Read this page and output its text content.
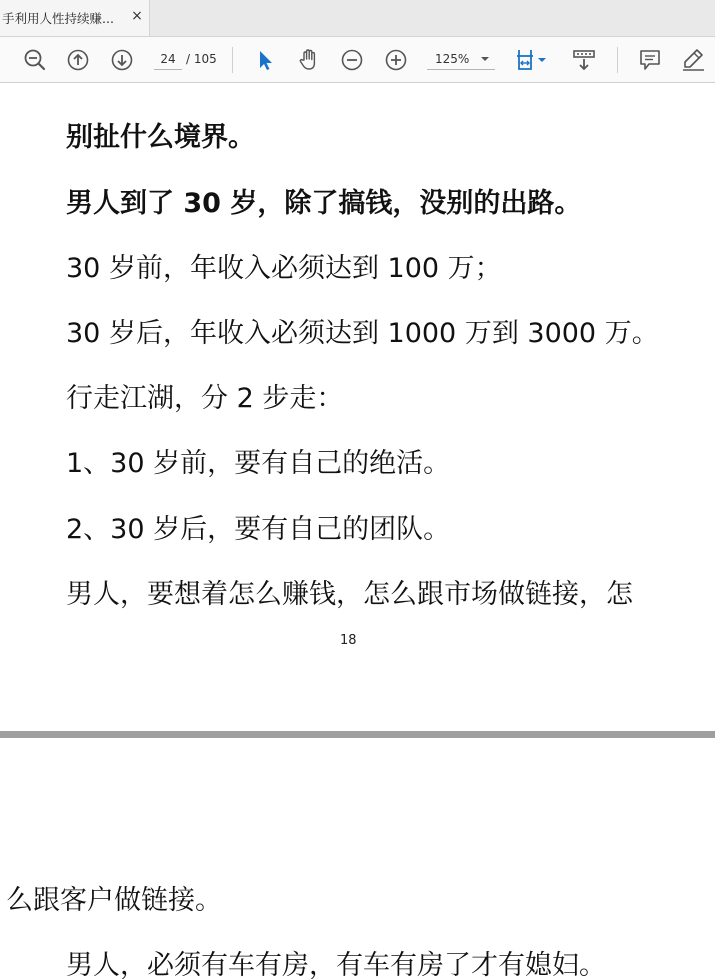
手利用人性持续赚...	×
24
/ 105	125%
别扯什么境界。
男人到了 30 岁，除了搞钱，没别的出路。
30 岁前，年收入必须达到 100 万；
30 岁后，年收入必须达到 1000 万到 3000 万。
行走江湖，分 2 步走：
1、30 岁前，要有自己的绝活。
2、30 岁后，要有自己的团队。
男人，要想着怎么赚钱，怎么跟市场做链接，怎
18
么跟客户做链接。
男人，必须有车有房，有车有房了才有媳妇。
